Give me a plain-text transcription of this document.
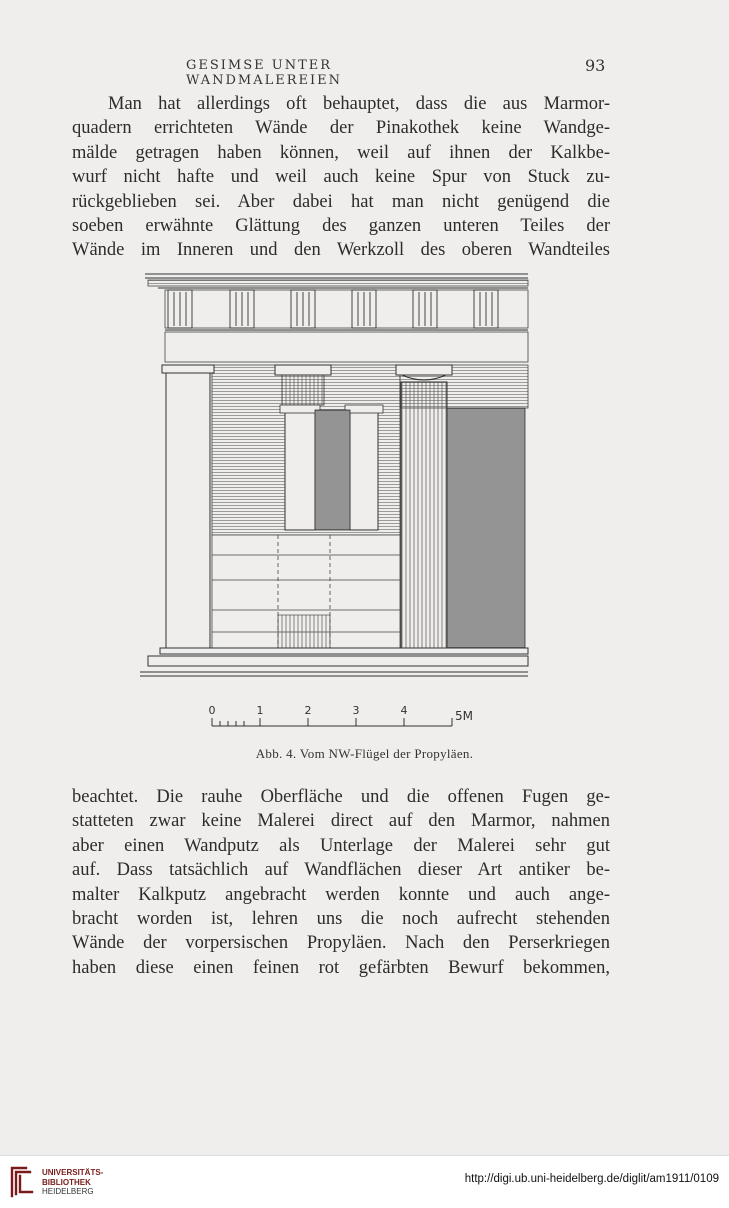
GESIMSE UNTER WANDMALEREIEN
93
Man hat allerdings oft behauptet, dass die aus Marmor-
quadern errichteten Wände der Pinakothek keine Wandge-
mälde getragen haben können, weil auf ihnen der Kalkbe-
wurf nicht hafte und weil auch keine Spur von Stuck zu-
rückgeblieben sei. Aber dabei hat man nicht genügend die
soeben erwähnte Glättung des ganzen unteren Teiles der
Wände im Inneren und den Werkzoll des oberen Wandteiles
0	1	2	3	4	5M
Abb. 4. Vom NW-Flügel der Propyläen.
beachtet. Die rauhe Oberfläche und die offenen Fugen ge-
statteten zwar keine Malerei direct auf den Marmor, nahmen
aber einen Wandputz als Unterlage der Malerei sehr gut
auf. Dass tatsächlich auf Wandflächen dieser Art antiker be-
malter Kalkputz angebracht werden konnte und auch ange-
bracht worden ist, lehren uns die noch aufrecht stehenden
Wände der vorpersischen Propyläen. Nach den Perserkriegen
haben diese einen feinen rot gefärbten Bewurf bekommen,
UNIVERSITÄTS-
BIBLIOTHEK
HEIDELBERG
http://digi.ub.uni-heidelberg.de/diglit/am1911/0109
